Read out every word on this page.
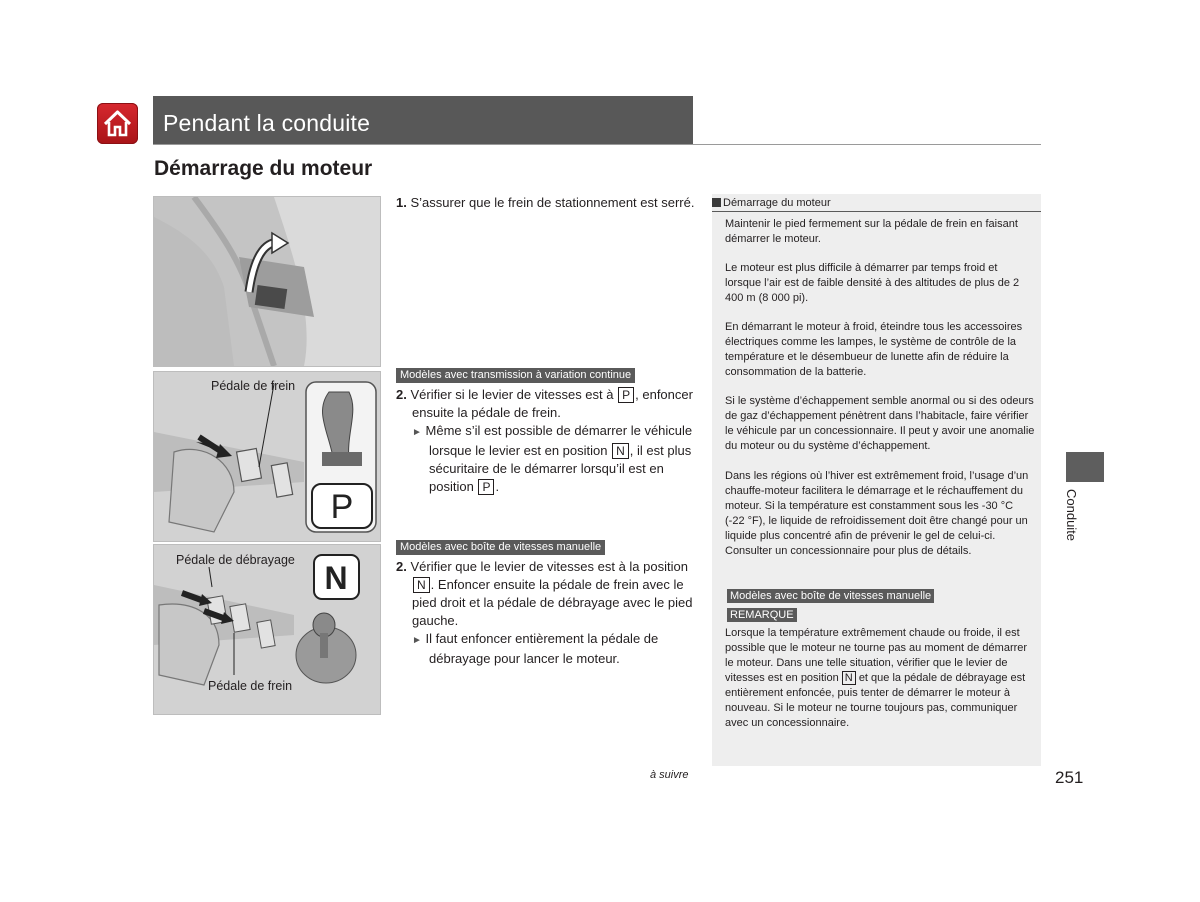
Pendant la conduite
Démarrage du moteur
P
Pédale de frein
N
Pédale de débrayage
Pédale de frein
1. S’assurer que le frein de stationnement est serré.
Modèles avec transmission à variation continue
2. Vérifier si le levier de vitesses est à P , enfoncer
ensuite la pédale de frein.
► Même s’il est possible de démarrer le véhicule
lorsque le levier est en position N , il est plus
sécuritaire de le démarrer lorsqu’il est en
position P .
Modèles avec boîte de vitesses manuelle
2. Vérifier que le levier de vitesses est à la position
N . Enfoncer ensuite la pédale de frein avec le
pied droit et la pédale de débrayage avec le pied
gauche.
► Il faut enfoncer entièrement la pédale de
débrayage pour lancer le moteur.
Démarrage du moteur
Maintenir le pied fermement sur la pédale de frein en faisant démarrer le moteur.
Le moteur est plus difficile à démarrer par temps froid et lorsque l’air est de faible densité à des altitudes de plus de 2 400 m (8 000 pi).
En démarrant le moteur à froid, éteindre tous les accessoires électriques comme les lampes, le système de contrôle de la température et le désembueur de lunette afin de réduire la consommation de la batterie.
Si le système d’échappement semble anormal ou si des odeurs de gaz d’échappement pénètrent dans l’habitacle, faire vérifier le véhicule par un concessionnaire. Il peut y avoir une anomalie du moteur ou du système d’échappement.
Dans les régions où l’hiver est extrêmement froid, l’usage d’un chauffe-moteur facilitera le démarrage et le réchauffement du moteur. Si la température est constamment sous les -30 °C (-22 °F), le liquide de refroidissement doit être changé pour un liquide plus concentré afin de prévenir le gel de celui-ci. Consulter un concessionnaire pour plus de détails.
Modèles avec boîte de vitesses manuelle
REMARQUE
Lorsque la température extrêmement chaude ou froide, il est possible que le moteur ne tourne pas au moment de démarrer le moteur. Dans une telle situation, vérifier que le levier de vitesses est en position N et que la pédale de débrayage est entièrement enfoncée, puis tenter de démarrer le moteur à nouveau. Si le moteur ne tourne toujours pas, communiquer avec un concessionnaire.
Conduite
à suivre	251
